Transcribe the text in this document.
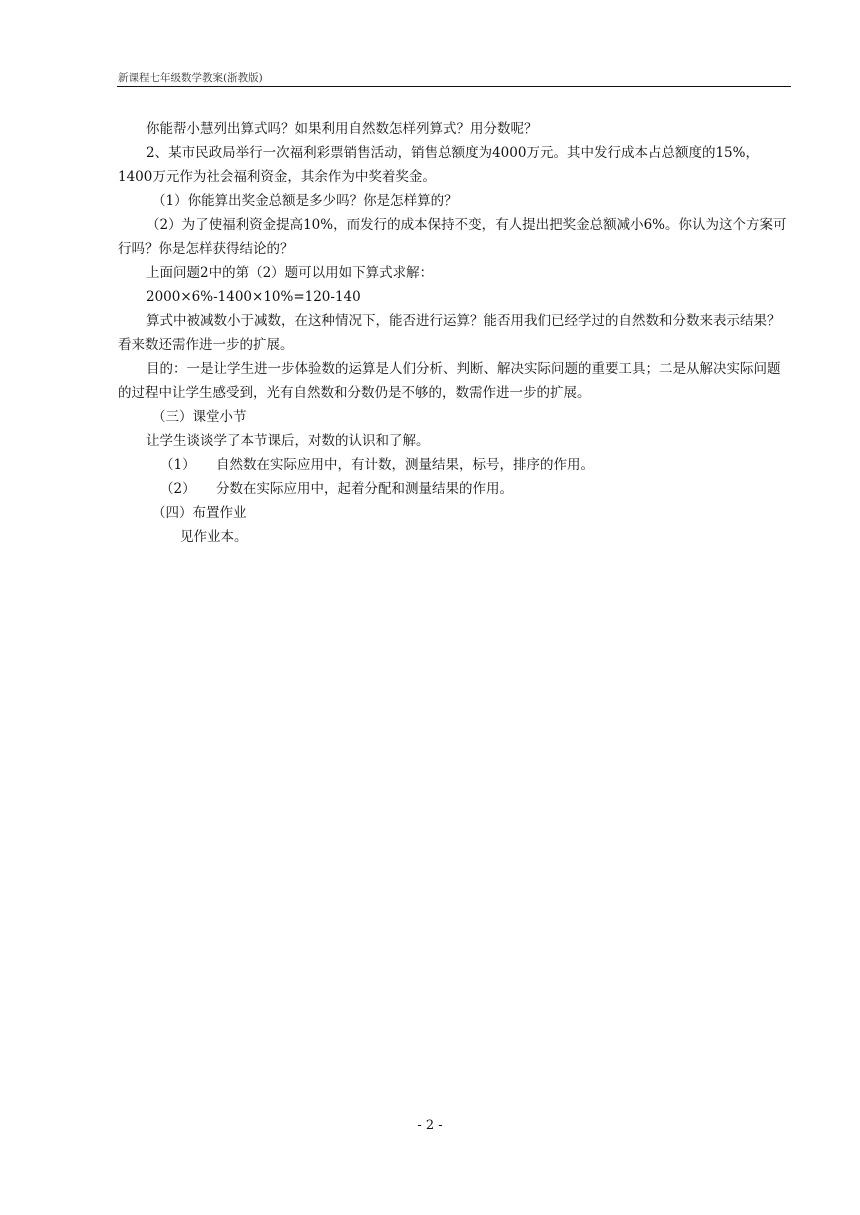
新课程七年级数学教案(浙教版)

你能帮小慧列出算式吗？如果利用自然数怎样列算式？用分数呢？

2、某市民政局举行一次福利彩票销售活动，销售总额度为4000万元。其中发行成本占总额度的15%，1400万元作为社会福利资金，其余作为中奖着奖金。

（1）你能算出奖金总额是多少吗？你是怎样算的？

（2）为了使福利资金提高10%，而发行的成本保持不变，有人提出把奖金总额减小6%。你认为这个方案可行吗？你是怎样获得结论的？

上面问题2中的第（2）题可以用如下算式求解：

2000×6%-1400×10%=120-140

算式中被减数小于减数，在这种情况下，能否进行运算？能否用我们已经学过的自然数和分数来表示结果？看来数还需作进一步的扩展。

目的：一是让学生进一步体验数的运算是人们分析、判断、解决实际问题的重要工具；二是从解决实际问题的过程中让学生感受到，光有自然数和分数仍是不够的，数需作进一步的扩展。

（三）课堂小节

让学生谈谈学了本节课后，对数的认识和了解。

（1）	自然数在实际应用中，有计数，测量结果，标号，排序的作用。
（2）	分数在实际应用中，起着分配和测量结果的作用。

（四）布置作业

见作业本。

- 2 -
